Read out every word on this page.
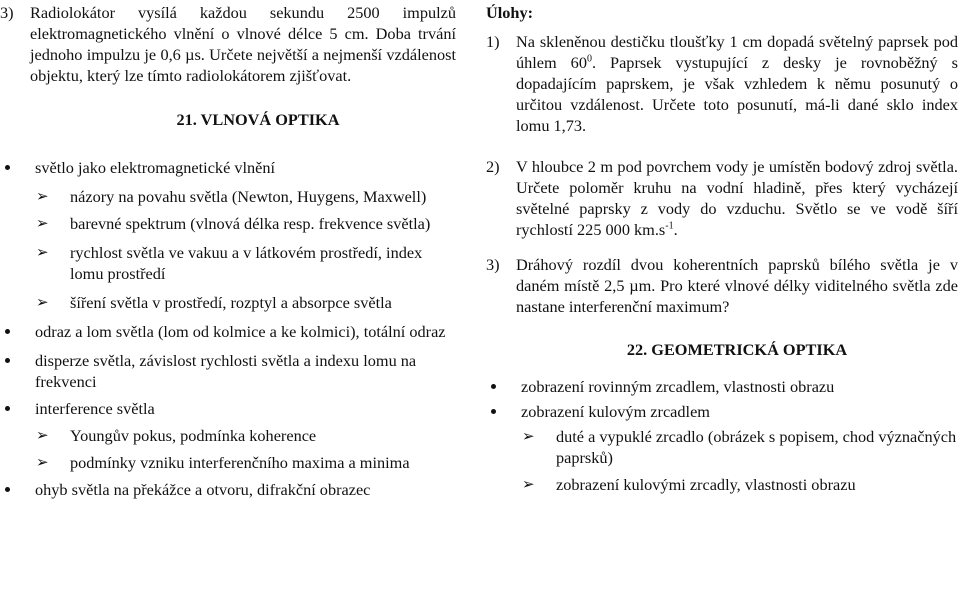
3) Radiolokátor vysílá každou sekundu 2500 impulzů elektromagnetického vlnění o vlnové délce 5 cm. Doba trvání jednoho impulzu je 0,6 µs. Určete největší a nejmenší vzdálenost objektu, který lze tímto radiolokátorem zjišťovat.
21. VLNOVÁ OPTIKA
světlo jako elektromagnetické vlnění
➢ názory na povahu světla (Newton, Huygens, Maxwell)
➢ barevné spektrum (vlnová délka resp. frekvence světla)
➢ rychlost světla ve vakuu a v látkovém prostředí, index lomu prostředí
➢ šíření světla v prostředí, rozptyl a absorpce světla
odraz a lom světla (lom od kolmice a ke kolmici), totální odraz
disperze světla, závislost rychlosti světla a indexu lomu na frekvenci
interference světla
➢ Youngův pokus, podmínka koherence
➢ podmínky vzniku interferenčního maxima a minima
ohyb světla na překážce a otvoru, difrakční obrazec
Úlohy:
1) Na skleněnou destičku tloušťky 1 cm dopadá světelný paprsek pod úhlem $60^0$. Paprsek vystupující z desky je rovnoběžný s dopadajícím paprskem, je však vzhledem k němu posunutý o určitou vzdálenost. Určete toto posunutí, má-li dané sklo index lomu 1,73.
2) V hloubce 2 m pod povrchem vody je umístěn bodový zdroj světla. Určete poloměr kruhu na vodní hladině, přes který vycházejí světelné paprsky z vody do vzduchu. Světlo se ve vodě šíří rychlostí 225 000 $km.s^{-1}$.
3) Dráhový rozdíl dvou koherentních paprsků bílého světla je v daném místě 2,5 µm. Pro které vlnové délky viditelného světla zde nastane interferenční maximum?
22. GEOMETRICKÁ OPTIKA
zobrazení rovinným zrcadlem, vlastnosti obrazu
zobrazení kulovým zrcadlem
➢ duté a vypuklé zrcadlo (obrázek s popisem, chod význačných paprsků)
➢ zobrazení kulovými zrcadly, vlastnosti obrazu
